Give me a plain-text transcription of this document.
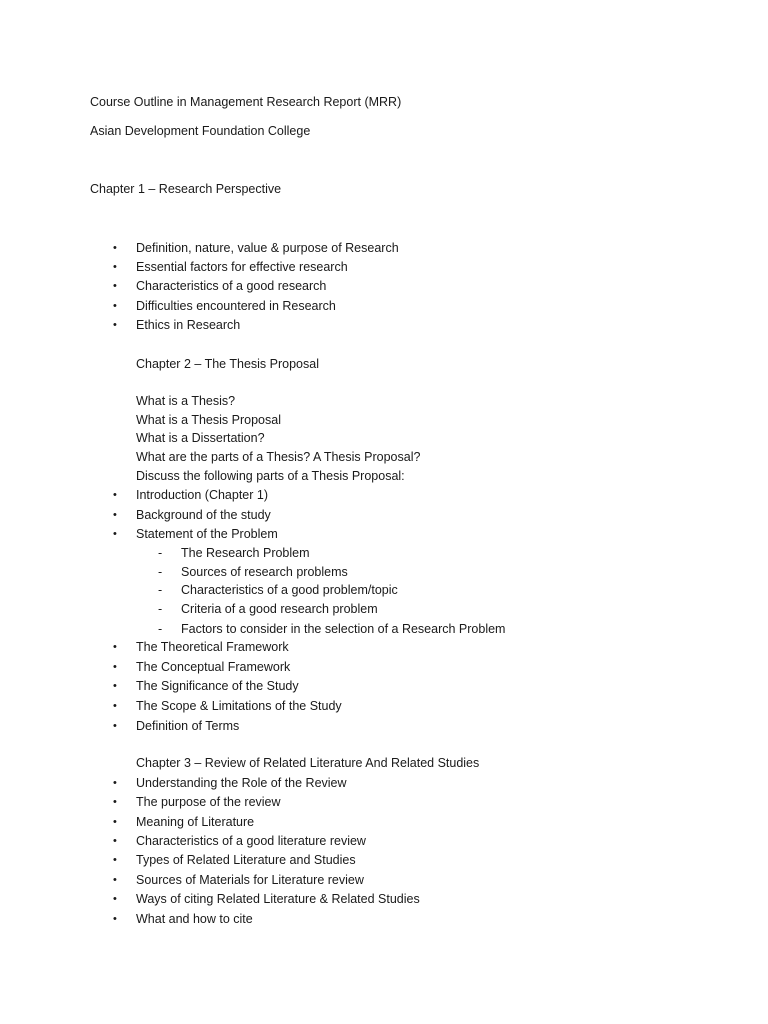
Course Outline in Management Research Report (MRR)
Asian Development Foundation College
Chapter 1 – Research Perspective
•	Definition, nature, value & purpose of Research
•	Essential factors for effective research
•	Characteristics of a good research
•	Difficulties encountered in Research
•	Ethics in Research
Chapter 2 – The Thesis Proposal
What is a Thesis?
What is a Thesis Proposal
What is a Dissertation?
What are the parts of a Thesis? A Thesis Proposal?
Discuss the following parts of a Thesis Proposal:
•	Introduction (Chapter 1)
•	Background of the study
•	Statement of the Problem
- The Research Problem
- Sources of research problems
- Characteristics of a good problem/topic
- Criteria of a good research problem
- Factors to consider in the selection of a Research Problem
•	The Theoretical Framework
•	The Conceptual Framework
•	The Significance of the Study
•	The Scope & Limitations of the Study
•	Definition of Terms
Chapter 3 – Review of Related Literature And Related Studies
•	Understanding the Role of the Review
•	The purpose of the review
•	Meaning of Literature
•	Characteristics of a good literature review
•	Types of Related Literature and Studies
•	Sources of Materials for Literature review
•	Ways of citing Related Literature & Related Studies
•	What and how to cite
